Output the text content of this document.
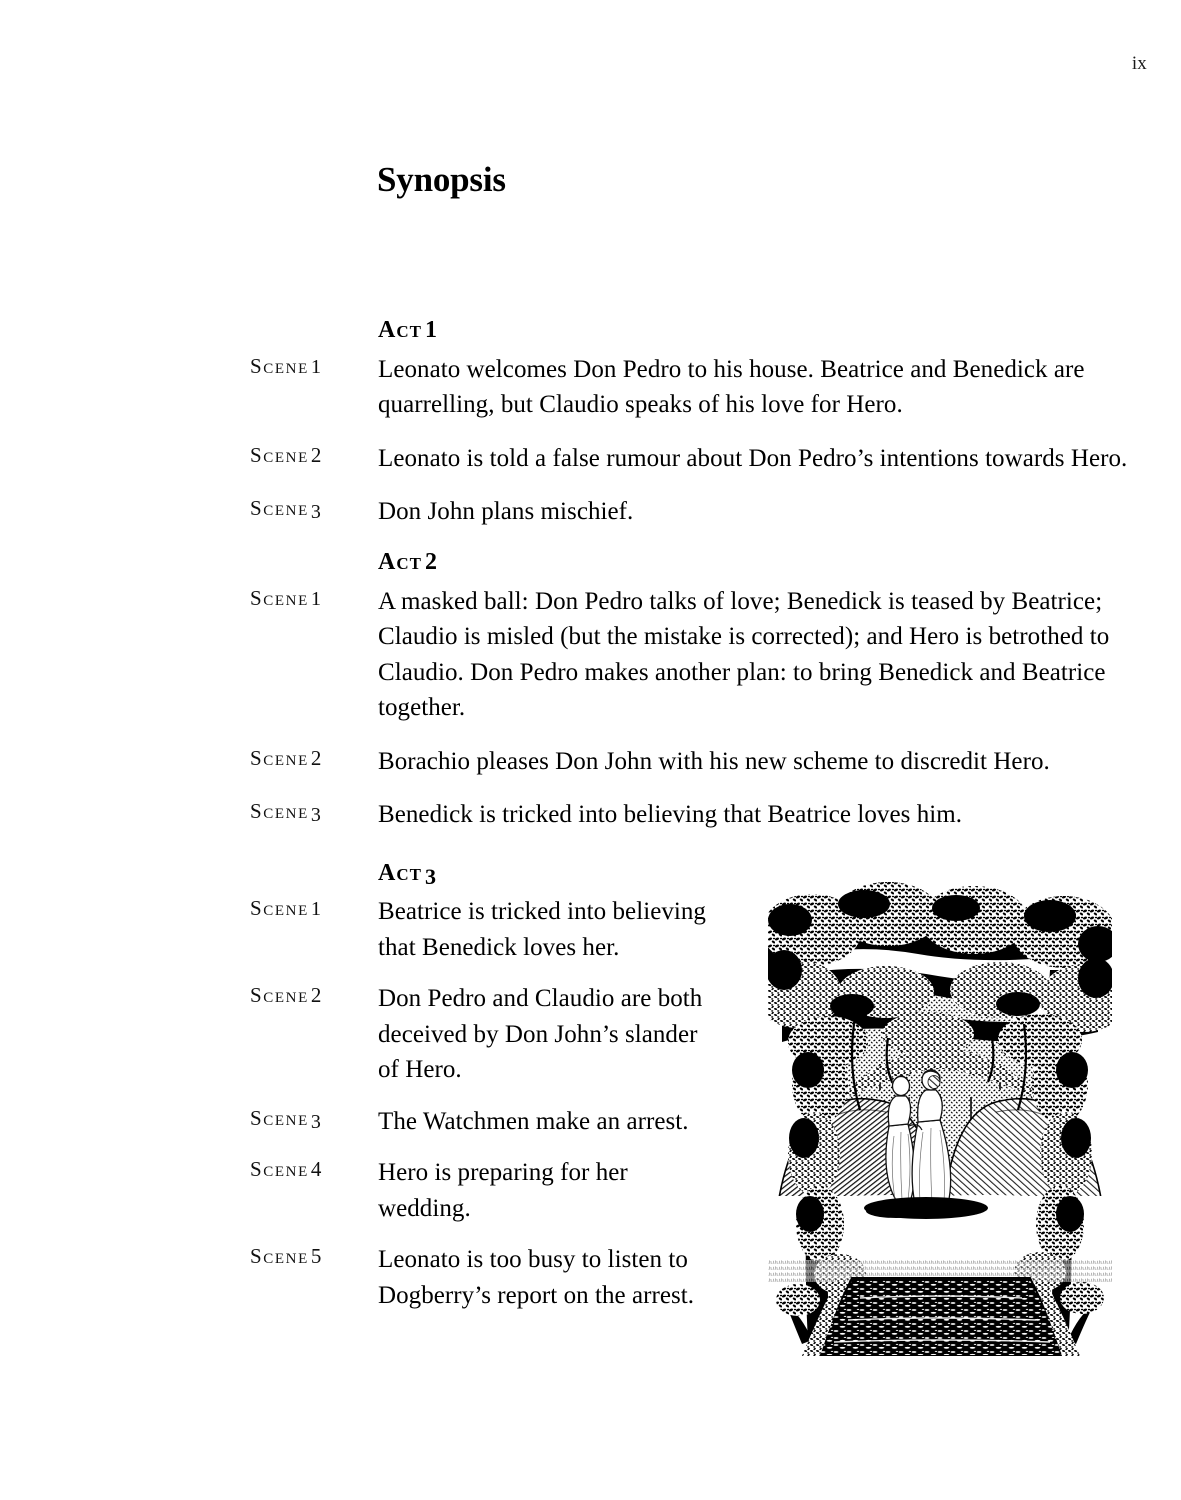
ix
Synopsis
Act 1
Scene1	Leonato welcomes Don Pedro to his house. Beatrice and Benedick are quarrelling, but Claudio speaks of his love for Hero.
Scene2	Leonato is told a false rumour about Don Pedro’s intentions towards Hero.
Scene 3	Don John plans mischief.
Act 2
Scene1	A masked ball: Don Pedro talks of love; Benedick is teased by Beatrice; Claudio is misled (but the mistake is corrected); and Hero is betrothed to Claudio. Don Pedro makes another plan: to bring Benedick and Beatrice together.
Scene2	Borachio pleases Don John with his new scheme to discredit Hero.
Scene 3	Benedick is tricked into believing that Beatrice loves him.
Act 3
Scene1	Beatrice is tricked into believing that Benedick loves her.
Scene2	Don Pedro and Claudio are both deceived by Don John’s slander of Hero.
Scene 3	The Watchmen make an arrest.
Scene4	Hero is preparing for her wedding.
Scene5	Leonato is too busy to listen to Dogberry’s report on the arrest.
